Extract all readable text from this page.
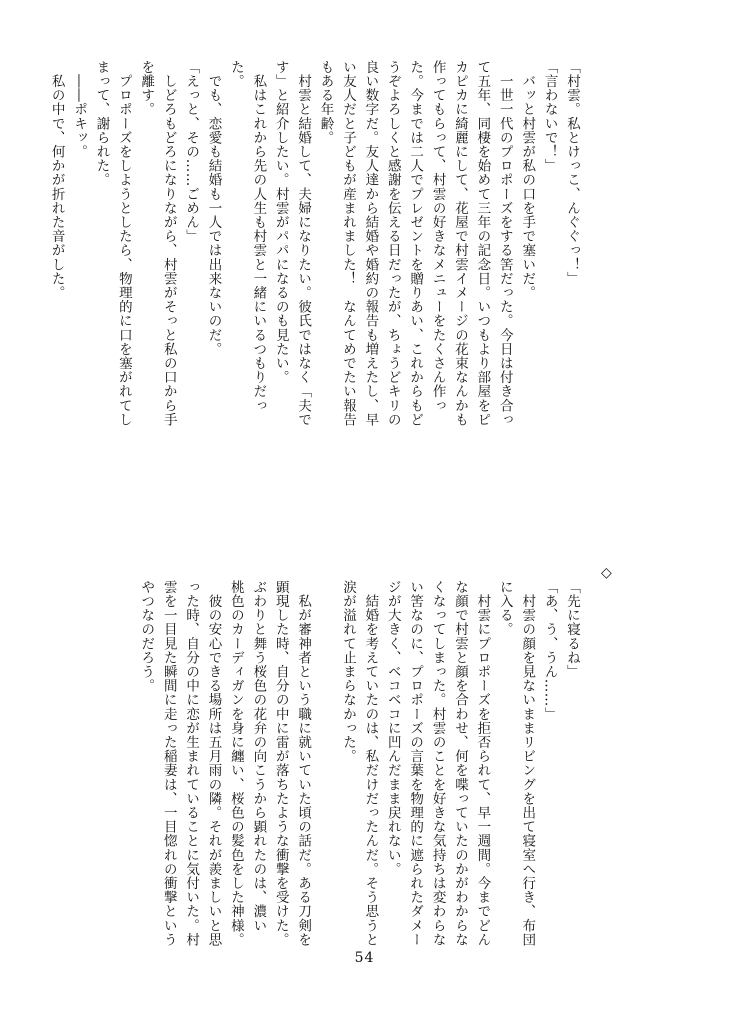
「村雲。私とけっこ、んぐぐっ！」
「言わないで！」
　バッと村雲が私の口を手で塞いだ。
　一世一代のプロポーズをする筈だった。今日は付き合っ
て五年、同棲を始めて三年の記念日。いつもより部屋をピ
カピカに綺麗にして、花屋で村雲イメージの花束なんかも
作ってもらって、村雲の好きなメニューをたくさん作っ
た。今までは二人でプレゼントを贈りあい、これからもど
うぞよろしくと感謝を伝える日だったが、ちょうどキリの
良い数字だ。友人達から結婚や婚約の報告も増えたし、早
い友人だと子どもが産まれました！　なんてめでたい報告
もある年齢。
　村雲と結婚して、夫婦になりたい。彼氏ではなく「夫で
す」と紹介したい。村雲がパパになるのも見たい。
　私はこれから先の人生も村雲と一緒にいるつもりだっ
た。
　でも、恋愛も結婚も一人では出来ないのだ。
「えっと、その……ごめん」
　しどろもどろになりながら、村雲がそっと私の口から手
を離す。
　プロポーズをしようとしたら、物理的に口を塞がれてし
まって、謝られた。
　――ポキッ。
　私の中で、何かが折れた音がした。
◇
「先に寝るね」
「あ、う、うん……」
　村雲の顔を見ないままリビングを出て寝室へ行き、布団
に入る。
　村雲にプロポーズを拒否られて、早一週間。今までどん
な顔で村雲と顔を合わせ、何を喋っていたのかがわからな
くなってしまった。村雲のことを好きな気持ちは変わらな
い筈なのに、プロポーズの言葉を物理的に遮られたダメー
ジが大きく、ベコベコに凹んだまま戻れない。
　結婚を考えていたのは、私だけだったんだ。そう思うと
涙が溢れて止まらなかった。

　私が審神者という職に就いていた頃の話だ。ある刀剣を
顕現した時、自分の中に雷が落ちたような衝撃を受けた。
ぶわりと舞う桜色の花弁の向こうから顕れたのは、濃い
桃色のカーディガンを身に纏い、桜色の髪色をした神様。
　彼の安心できる場所は五月雨の隣。それが羨ましいと思
った時、自分の中に恋が生まれていることに気付いた。村
雲を一目見た瞬間に走った稲妻は、一目惚れの衝撃という
やつなのだろう。
54
